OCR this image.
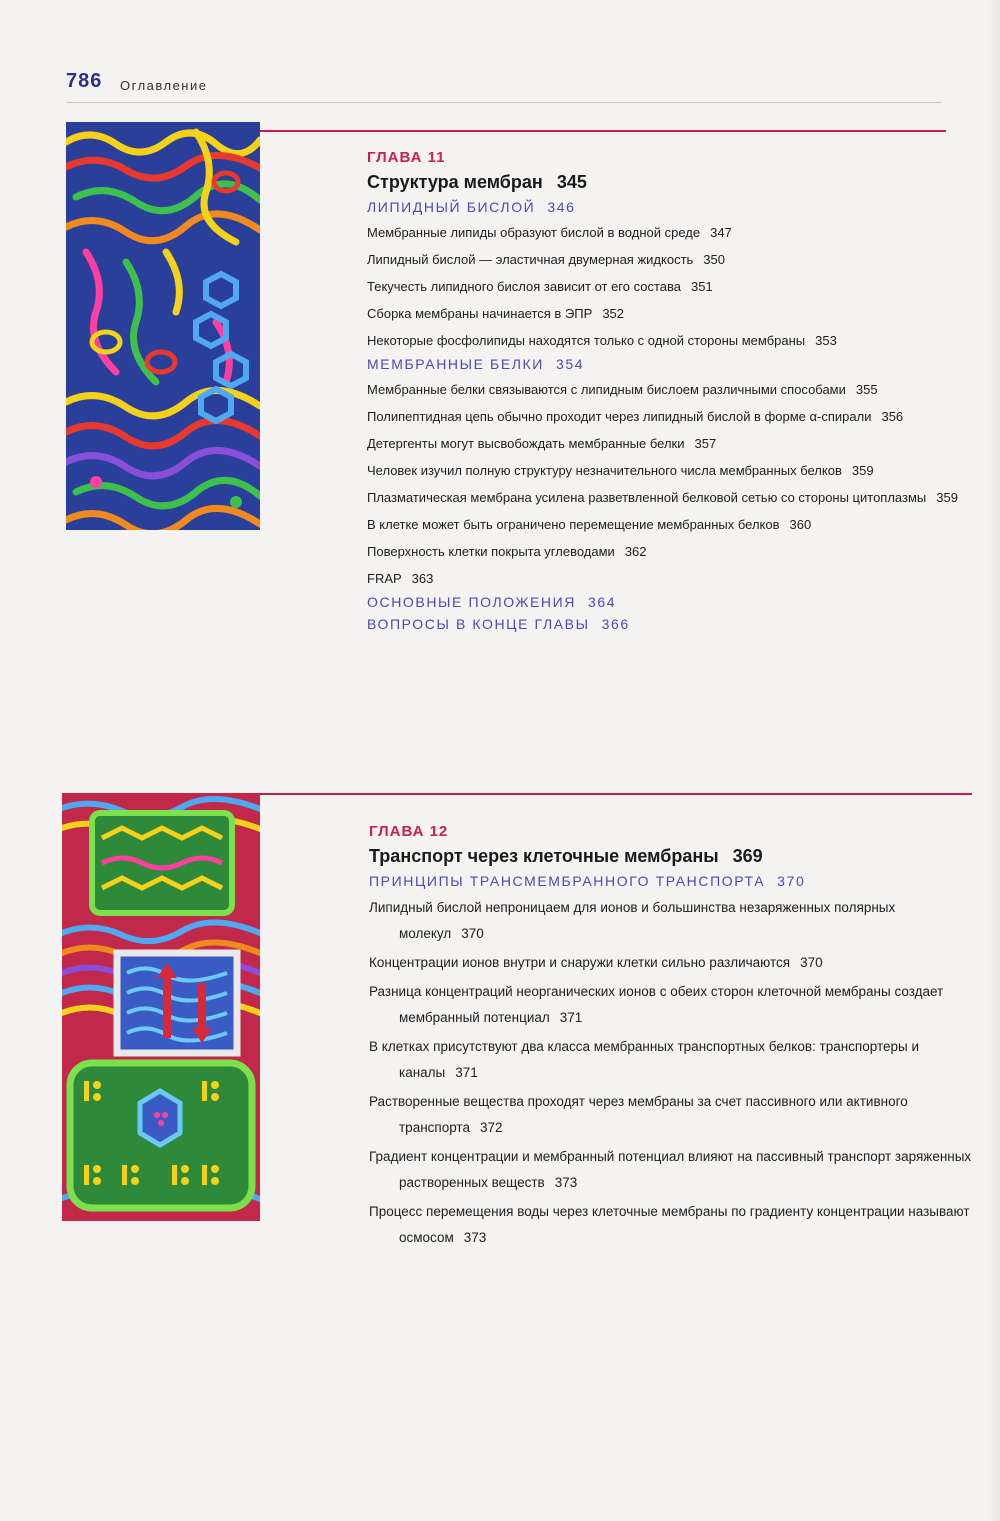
786 Оглавление
ГЛАВА 11
Структура мембран 345
ЛИПИДНЫЙ БИСЛОЙ 346
Мембранные липиды образуют бислой в водной среде 347
Липидный бислой — эластичная двумерная жидкость 350
Текучесть липидного бислоя зависит от его состава 351
Сборка мембраны начинается в ЭПР 352
Некоторые фосфолипиды находятся только с одной стороны мембраны 353
МЕМБРАННЫЕ БЕЛКИ 354
Мембранные белки связываются с липидным бислоем различными способами 355
Полипептидная цепь обычно проходит через липидный бислой в форме α-спирали 356
Детергенты могут высвобождать мембранные белки 357
Человек изучил полную структуру незначительного числа мембранных белков 359
Плазматическая мембрана усилена разветвленной белковой сетью со стороны цитоплазмы 359
В клетке может быть ограничено перемещение мембранных белков 360
Поверхность клетки покрыта углеводами 362
FRAP 363
ОСНОВНЫЕ ПОЛОЖЕНИЯ 364
ВОПРОСЫ В КОНЦЕ ГЛАВЫ 366
ГЛАВА 12
Транспорт через клеточные мембраны 369
ПРИНЦИПЫ ТРАНСМЕМБРАННОГО ТРАНСПОРТА 370
Липидный бислой непроницаем для ионов и большинства незаряженных полярных молекул 370
Концентрации ионов внутри и снаружи клетки сильно различаются 370
Разница концентраций неорганических ионов с обеих сторон клеточной мембраны создает мембранный потенциал 371
В клетках присутствуют два класса мембранных транспортных белков: транспортеры и каналы 371
Растворенные вещества проходят через мембраны за счет пассивного или активного транспорта 372
Градиент концентрации и мембранный потенциал влияют на пассивный транспорт заряженных растворенных веществ 373
Процесс перемещения воды через клеточные мембраны по градиенту концентрации называют осмосом 373
